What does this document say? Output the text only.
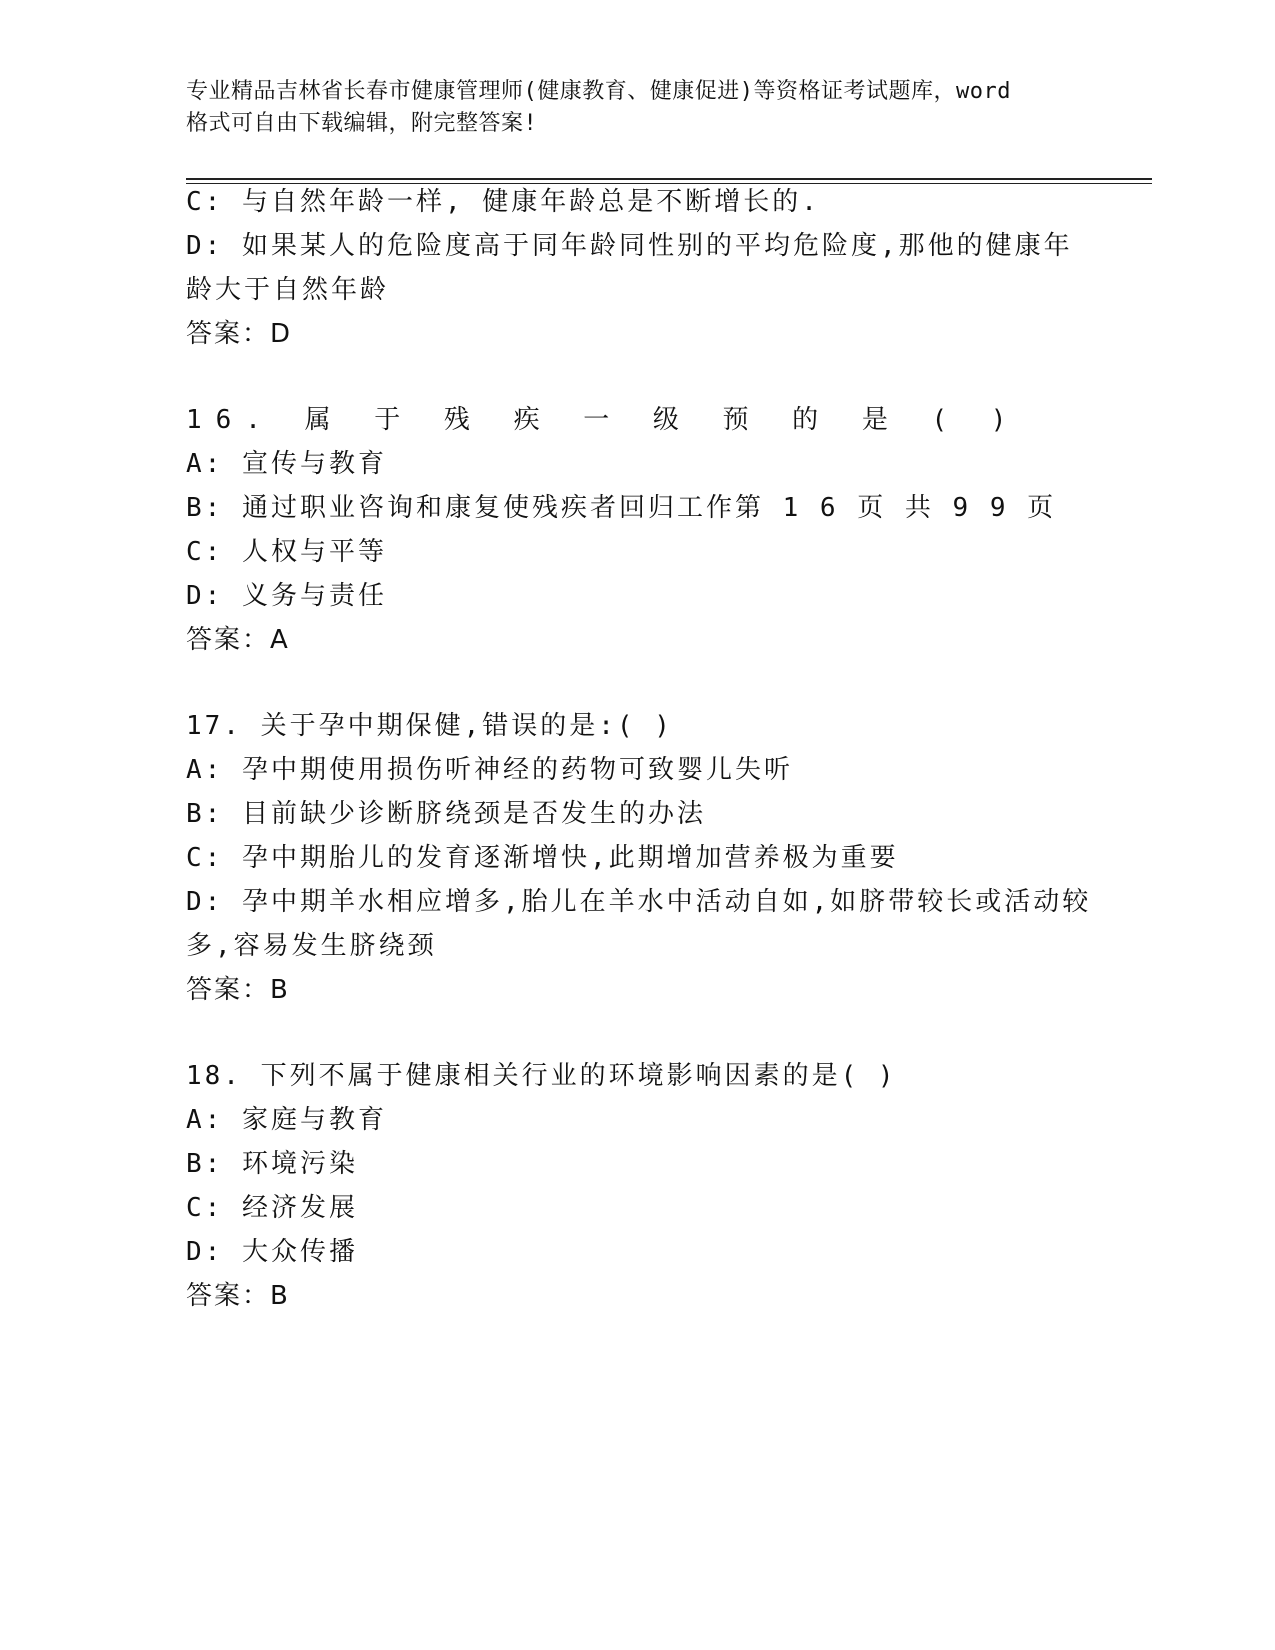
专业精品吉林省长春市健康管理师(健康教育、健康促进)等资格证考试题库，word
格式可自由下载编辑，附完整答案!
C: 与自然年龄一样, 健康年龄总是不断增长的.
D: 如果某人的危险度高于同年龄同性别的平均危险度,那他的健康年
龄大于自然年龄
答案：D
16. 属 于 残 疾 一 级 预 的 是 ( )
A: 宣传与教育
B: 通过职业咨询和康复使残疾者回归工作第 1 6 页 共 9 9 页
C: 人权与平等
D: 义务与责任
答案：A
17. 关于孕中期保健,错误的是:( )
A: 孕中期使用损伤听神经的药物可致婴儿失听
B: 目前缺少诊断脐绕颈是否发生的办法
C: 孕中期胎儿的发育逐渐增快,此期增加营养极为重要
D: 孕中期羊水相应增多,胎儿在羊水中活动自如,如脐带较长或活动较
多,容易发生脐绕颈
答案：B
18. 下列不属于健康相关行业的环境影响因素的是( )
A: 家庭与教育
B: 环境污染
C: 经济发展
D: 大众传播
答案：B
